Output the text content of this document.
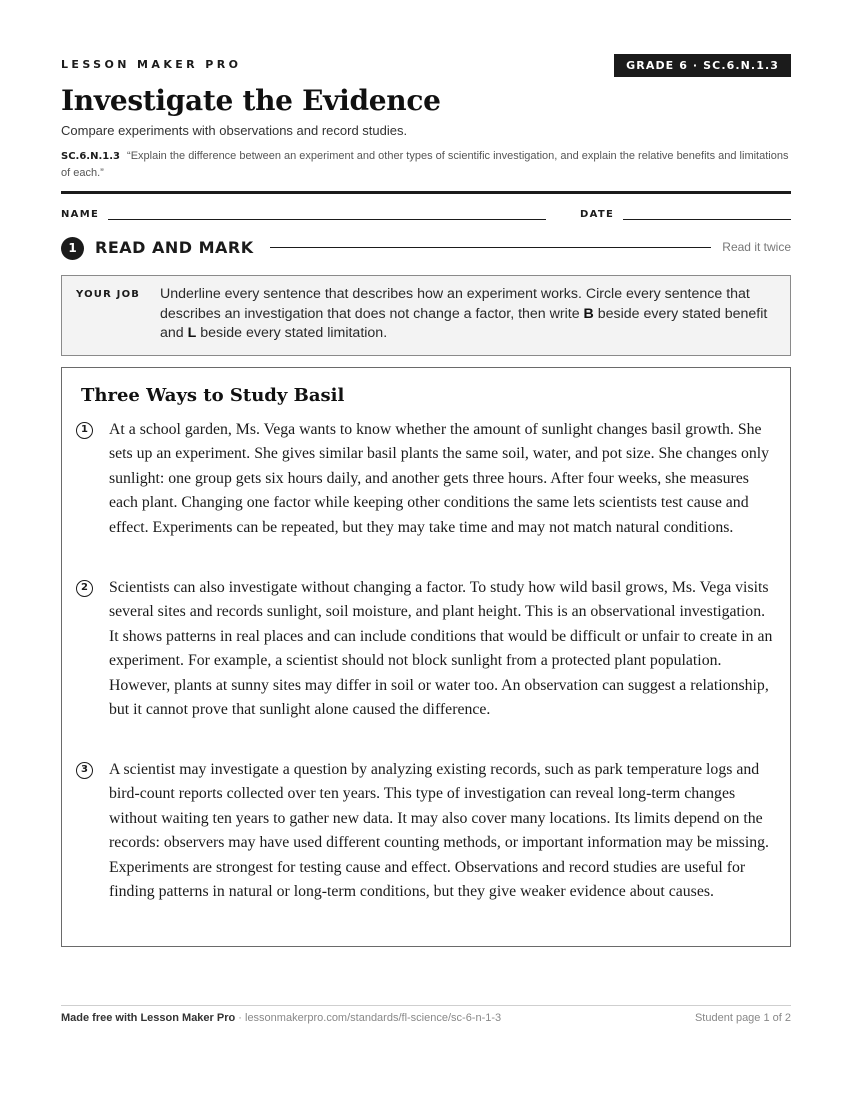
LESSON MAKER PRO	GRADE 6 · SC.6.N.1.3
Investigate the Evidence
Compare experiments with observations and record studies.
SC.6.N.1.3 “Explain the difference between an experiment and other types of scientific investigation, and explain the relative benefits and limitations of each.”
NAME	DATE
1	READ AND MARK	Read it twice
YOUR JOB Underline every sentence that describes how an experiment works. Circle every sentence that describes an investigation that does not change a factor, then write B beside every stated benefit and L beside every stated limitation.
Three Ways to Study Basil
1	At a school garden, Ms. Vega wants to know whether the amount of sunlight changes basil growth. She sets up an experiment. She gives similar basil plants the same soil, water, and pot size. She changes only sunlight: one group gets six hours daily, and another gets three hours. After four weeks, she measures each plant. Changing one factor while keeping other conditions the same lets scientists test cause and effect. Experiments can be repeated, but they may take time and may not match natural conditions.

2	Scientists can also investigate without changing a factor. To study how wild basil grows, Ms. Vega visits several sites and records sunlight, soil moisture, and plant height. This is an observational investigation. It shows patterns in real places and can include conditions that would be difficult or unfair to create in an experiment. For example, a scientist should not block sunlight from a protected plant population. However, plants at sunny sites may differ in soil or water too. An observation can suggest a relationship, but it cannot prove that sunlight alone caused the difference.

3	A scientist may investigate a question by analyzing existing records, such as park temperature logs and bird-count reports collected over ten years. This type of investigation can reveal long-term changes without waiting ten years to gather new data. It may also cover many locations. Its limits depend on the records: observers may have used different counting methods, or important information may be missing. Experiments are strongest for testing cause and effect. Observations and record studies are useful for finding patterns in natural or long-term conditions, but they give weaker evidence about causes.

Made free with Lesson Maker Pro · lessonmakerpro.com/standards/fl-science/sc-6-n-1-3	Student page 1 of 2
